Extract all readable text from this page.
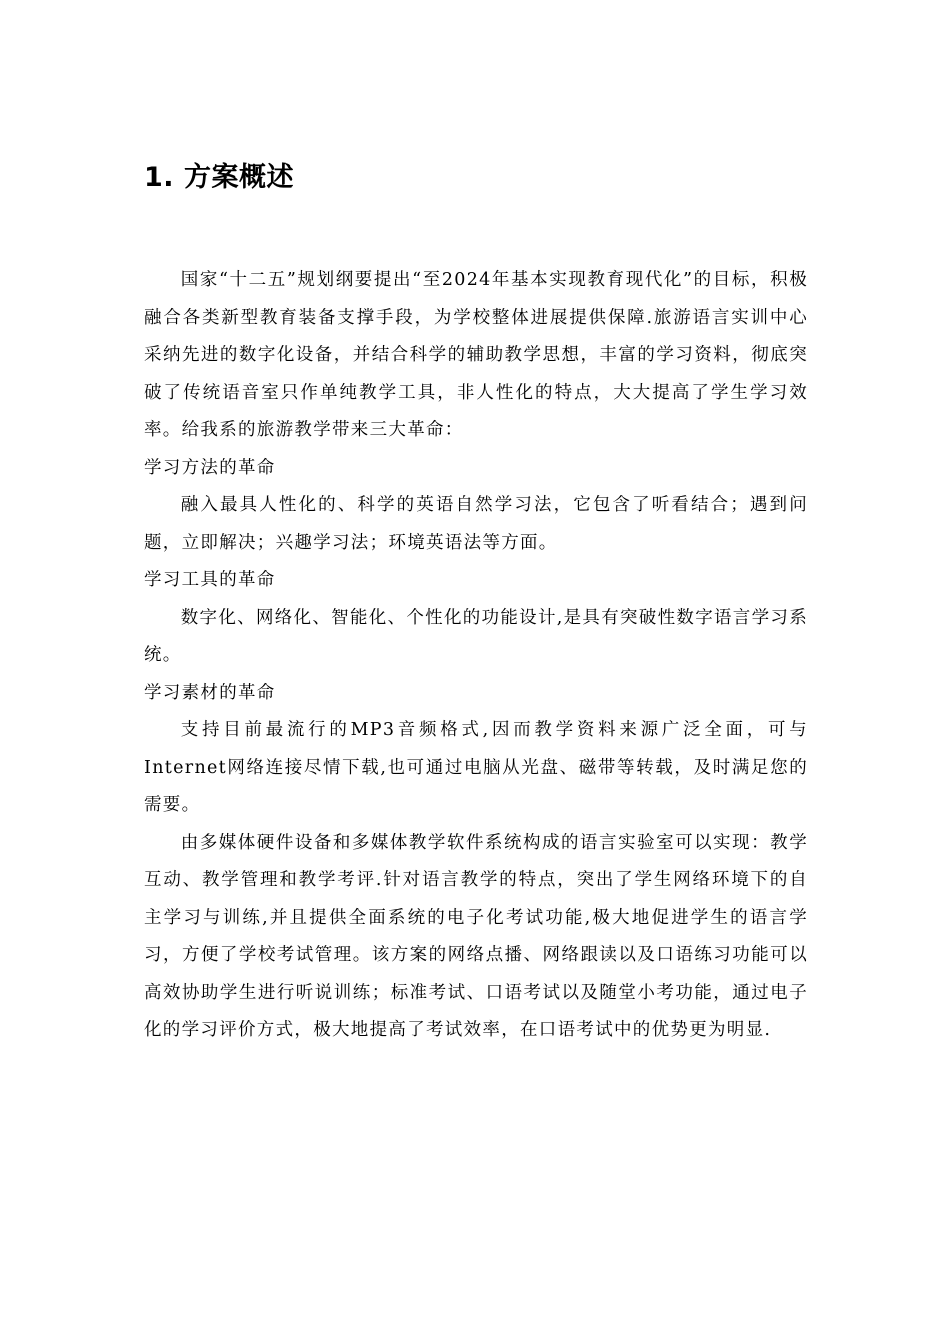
1. 方案概述

国家“十二五”规划纲要提出“至2024年基本实现教育现代化”的目标，积极融合各类新型教育装备支撑手段，为学校整体进展提供保障.旅游语言实训中心采纳先进的数字化设备，并结合科学的辅助教学思想，丰富的学习资料，彻底突破了传统语音室只作单纯教学工具，非人性化的特点，大大提高了学生学习效率。给我系的旅游教学带来三大革命：

学习方法的革命

融入最具人性化的、科学的英语自然学习法，它包含了听看结合；遇到问题，立即解决；兴趣学习法；环境英语法等方面。

学习工具的革命

数字化、网络化、智能化、个性化的功能设计,是具有突破性数字语言学习系统。

学习素材的革命

支持目前最流行的MP3音频格式,因而教学资料来源广泛全面，可与Internet网络连接尽情下载,也可通过电脑从光盘、磁带等转载，及时满足您的需要。

由多媒体硬件设备和多媒体教学软件系统构成的语言实验室可以实现：教学互动、教学管理和教学考评.针对语言教学的特点，突出了学生网络环境下的自主学习与训练,并且提供全面系统的电子化考试功能,极大地促进学生的语言学习，方便了学校考试管理。该方案的网络点播、网络跟读以及口语练习功能可以高效协助学生进行听说训练；标准考试、口语考试以及随堂小考功能，通过电子化的学习评价方式，极大地提高了考试效率，在口语考试中的优势更为明显.
